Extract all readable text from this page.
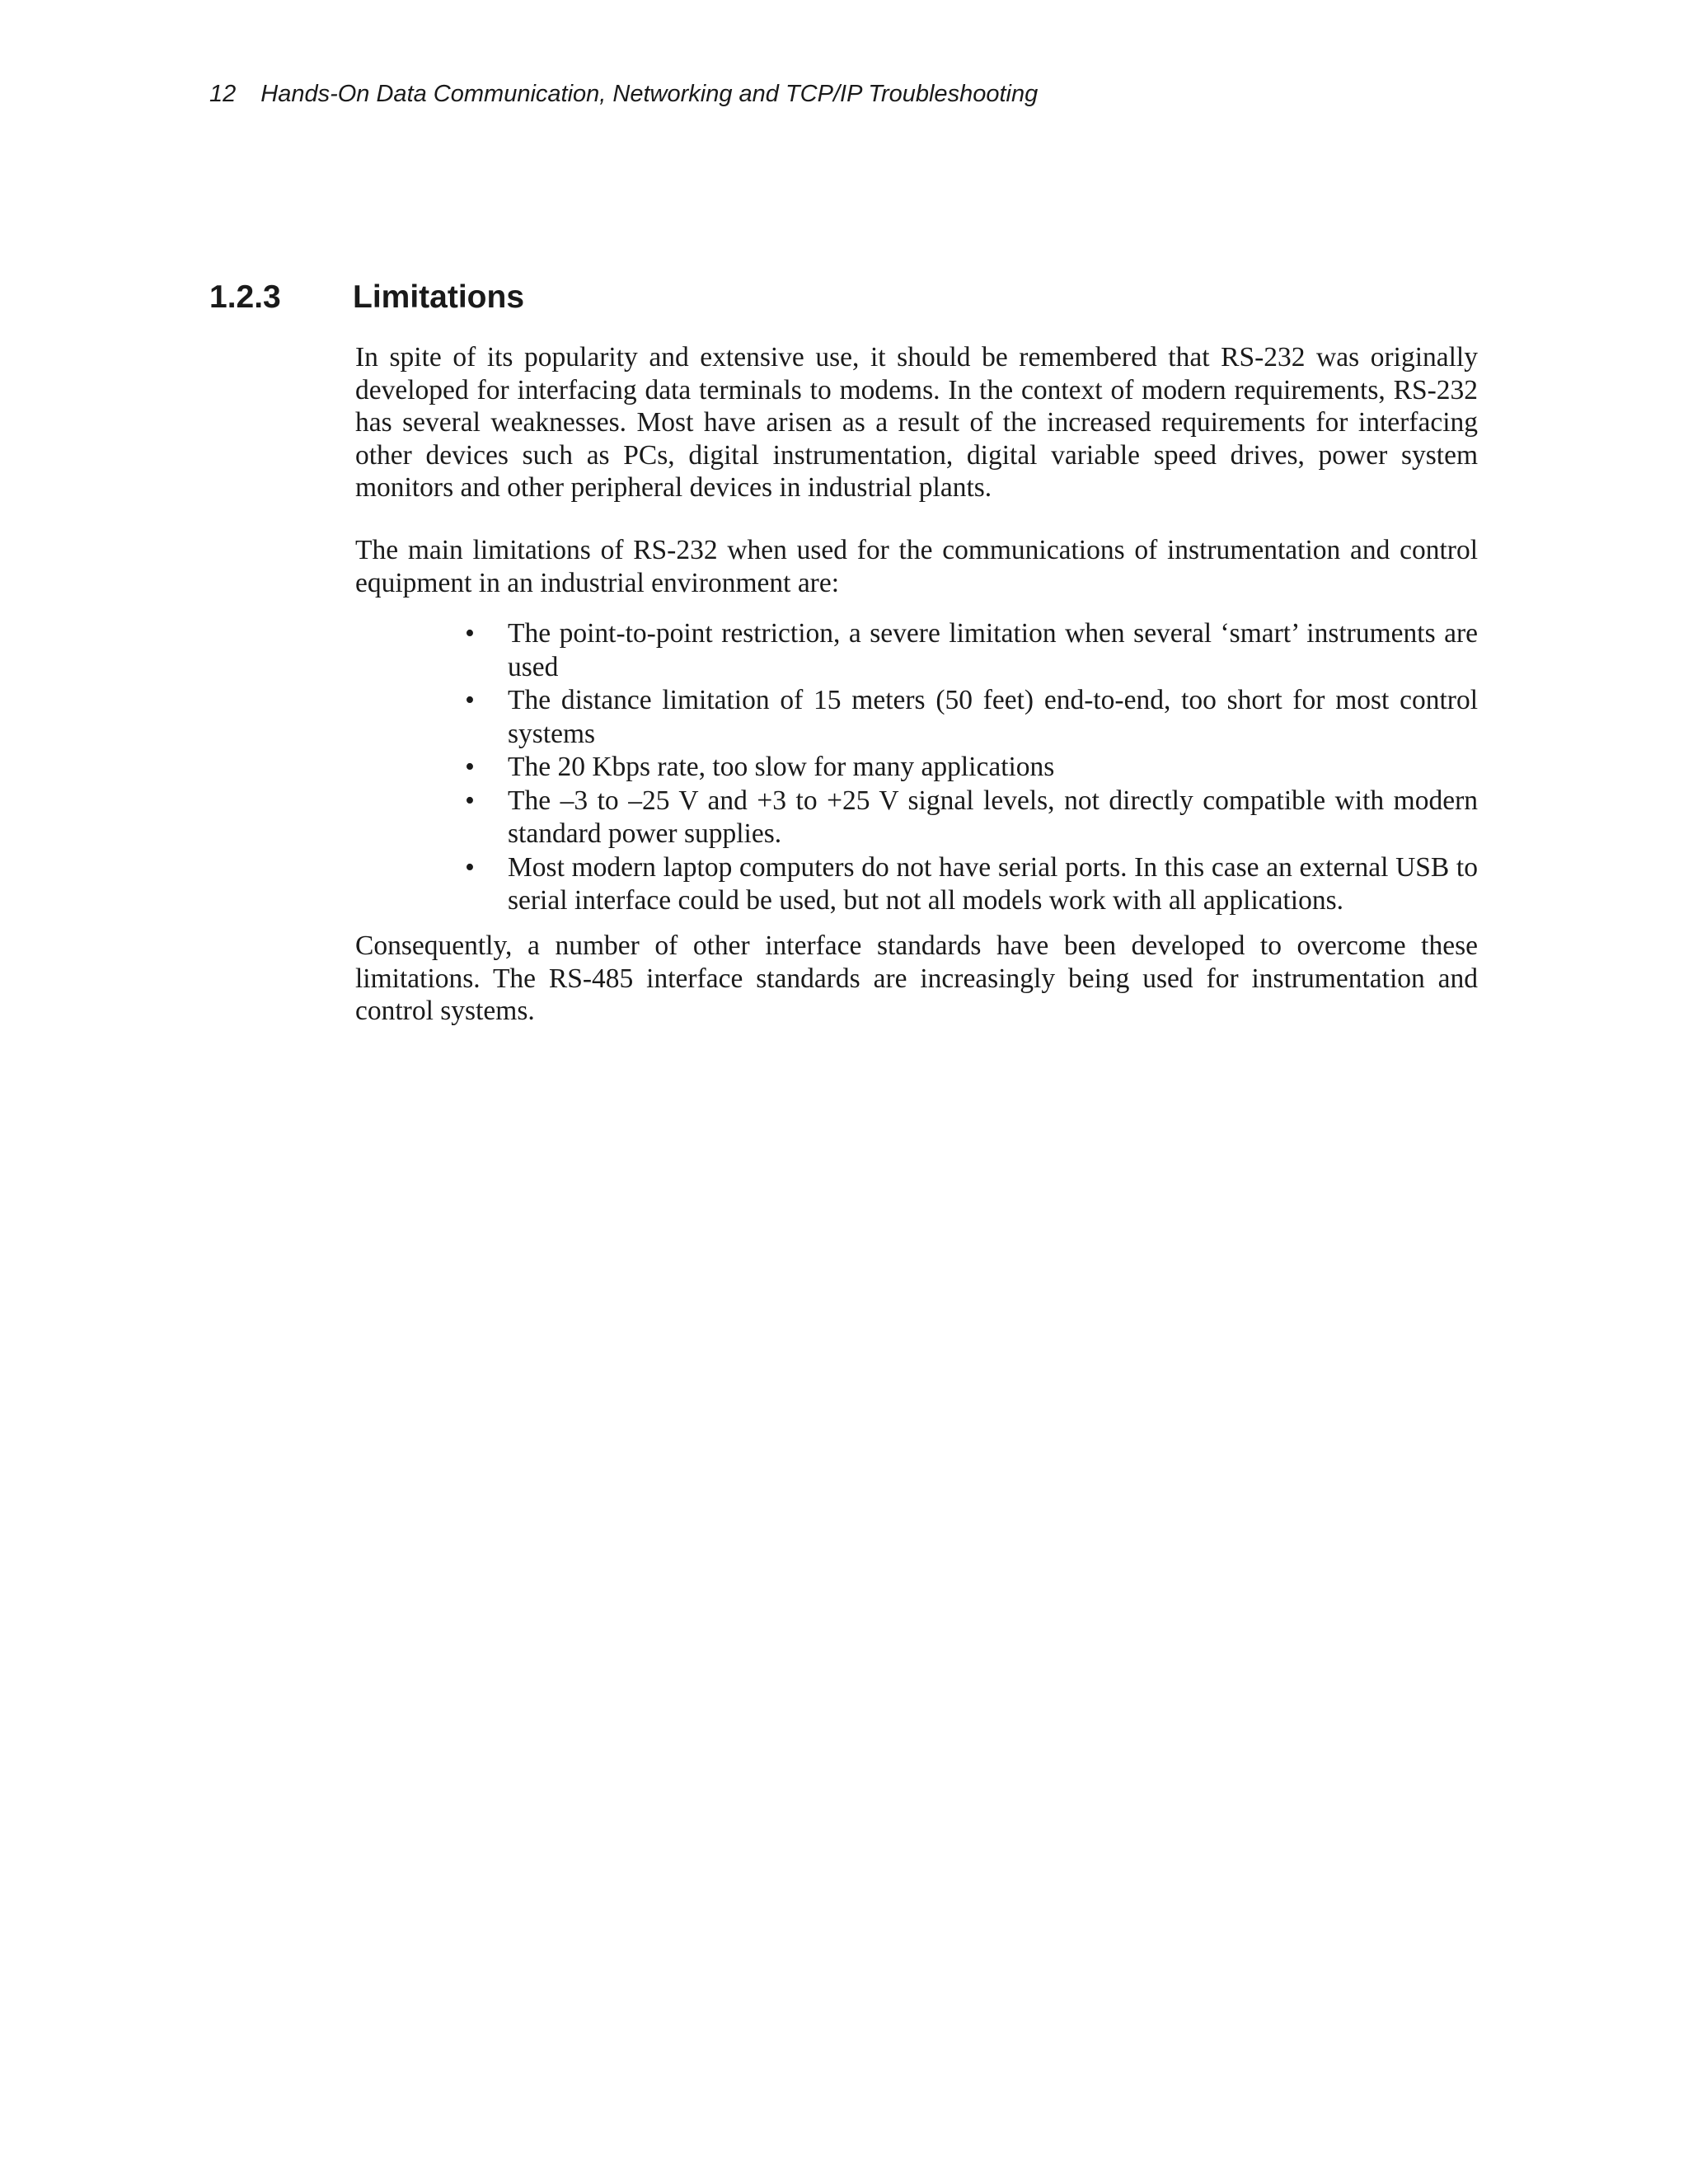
12 Hands-On Data Communication, Networking and TCP/IP Troubleshooting
1.2.3 Limitations

In spite of its popularity and extensive use, it should be remembered that RS-232 was originally developed for interfacing data terminals to modems. In the context of modern requirements, RS-232 has several weaknesses. Most have arisen as a result of the increased requirements for interfacing other devices such as PCs, digital instrumentation, digital variable speed drives, power system monitors and other peripheral devices in industrial plants.

The main limitations of RS-232 when used for the communications of instrumentation and control equipment in an industrial environment are:

• The point-to-point restriction, a severe limitation when several ‘smart’ instruments are used
• The distance limitation of 15 meters (50 feet) end-to-end, too short for most control systems
• The 20 Kbps rate, too slow for many applications
• The –3 to –25 V and +3 to +25 V signal levels, not directly compatible with modern standard power supplies.
• Most modern laptop computers do not have serial ports. In this case an external USB to serial interface could be used, but not all models work with all applications.

Consequently, a number of other interface standards have been developed to overcome these limitations. The RS-485 interface standards are increasingly being used for instrumentation and control systems.
